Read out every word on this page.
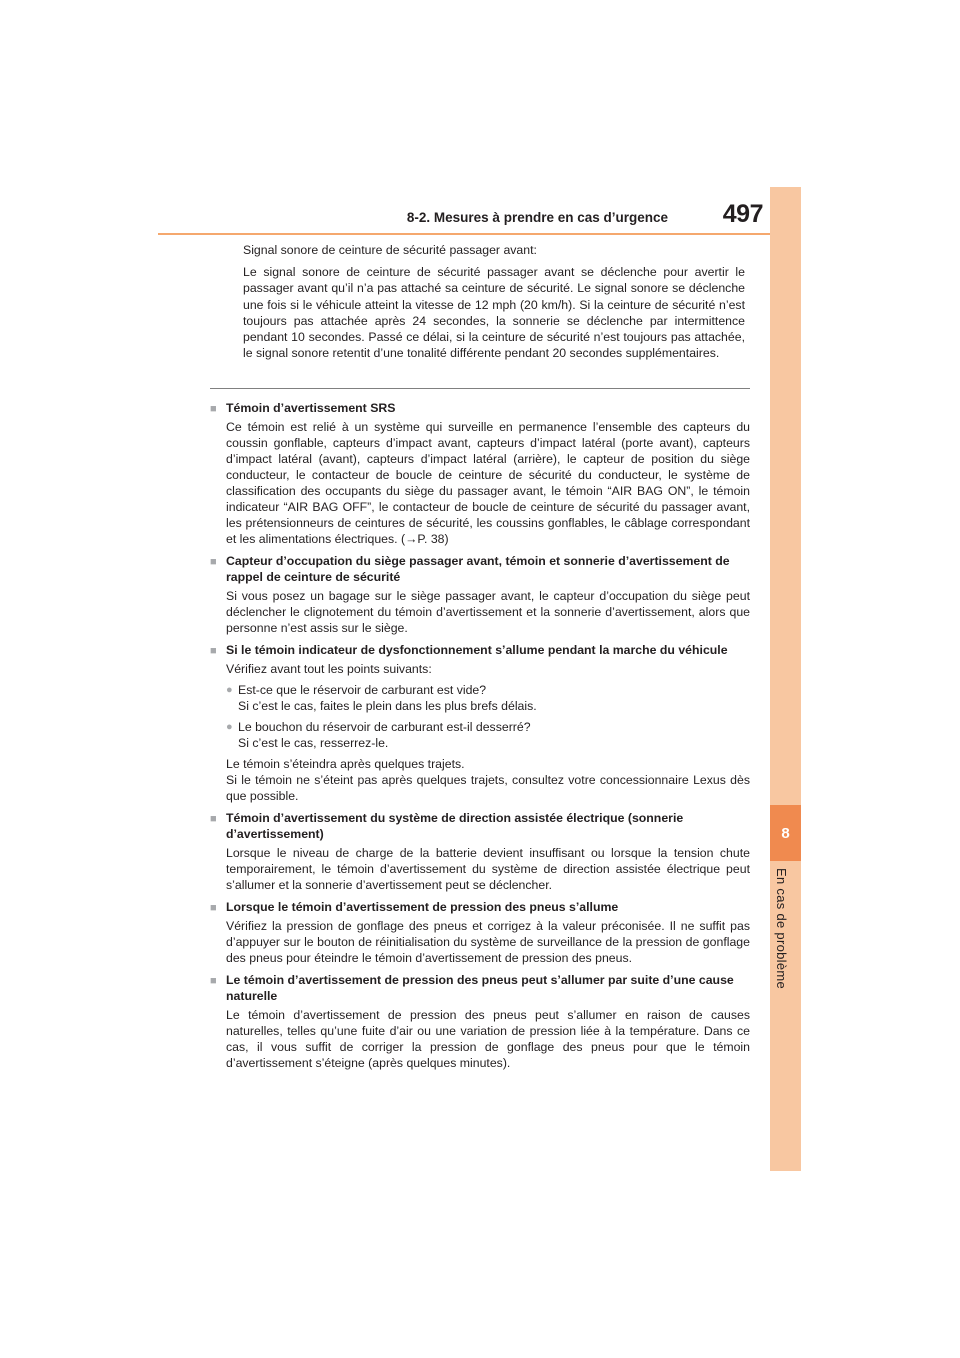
8-2. Mesures à prendre en cas d’urgence 497
8
En cas de problème

Signal sonore de ceinture de sécurité passager avant:

Le signal sonore de ceinture de sécurité passager avant se déclenche pour avertir le passager avant qu’il n’a pas attaché sa ceinture de sécurité. Le signal sonore se déclenche une fois si le véhicule atteint la vitesse de 12 mph (20 km/h). Si la ceinture de sécurité n’est toujours pas attachée après 24 secondes, la sonnerie se déclenche par intermittence pendant 10 secondes. Passé ce délai, si la ceinture de sécurité n’est toujours pas attachée, le signal sonore retentit d’une tonalité différente pendant 20 secondes supplémentaires.

■ Témoin d’avertissement SRS
Ce témoin est relié à un système qui surveille en permanence l’ensemble des capteurs du coussin gonflable, capteurs d’impact avant, capteurs d’impact latéral (porte avant), capteurs d’impact latéral (avant), capteurs d’impact latéral (arrière), le capteur de position du siège conducteur, le contacteur de boucle de ceinture de sécurité du conducteur, le système de classification des occupants du siège du passager avant, le témoin “AIR BAG ON”, le témoin indicateur “AIR BAG OFF”, le contacteur de boucle de ceinture de sécurité du passager avant, les prétensionneurs de ceintures de sécurité, les coussins gonflables, le câblage correspondant et les alimentations électriques. (→P. 38)
■ Capteur d’occupation du siège passager avant, témoin et sonnerie d’avertissement de rappel de ceinture de sécurité
Si vous posez un bagage sur le siège passager avant, le capteur d’occupation du siège peut déclencher le clignotement du témoin d’avertissement et la sonnerie d’avertissement, alors que personne n’est assis sur le siège.
■ Si le témoin indicateur de dysfonctionnement s’allume pendant la marche du véhicule

Vérifiez avant tout les points suivants:

● Est-ce que le réservoir de carburant est vide?
Si c’est le cas, faites le plein dans les plus brefs délais.
● Le bouchon du réservoir de carburant est-il desserré?
Si c’est le cas, resserrez-le.

Le témoin s’éteindra après quelques trajets.

Si le témoin ne s’éteint pas après quelques trajets, consultez votre concessionnaire Lexus dès que possible.

■ Témoin d’avertissement du système de direction assistée électrique (sonnerie d’avertissement)
Lorsque le niveau de charge de la batterie devient insuffisant ou lorsque la tension chute temporairement, le témoin d’avertissement du système de direction assistée électrique peut s’allumer et la sonnerie d’avertissement peut se déclencher.
■ Lorsque le témoin d’avertissement de pression des pneus s’allume
Vérifiez la pression de gonflage des pneus et corrigez à la valeur préconisée. Il ne suffit pas d’appuyer sur le bouton de réinitialisation du système de surveillance de la pression de gonflage des pneus pour éteindre le témoin d’avertissement de pression des pneus.
■ Le témoin d’avertissement de pression des pneus peut s’allumer par suite d’une cause naturelle
Le témoin d’avertissement de pression des pneus peut s’allumer en raison de causes naturelles, telles qu’une fuite d’air ou une variation de pression liée à la température. Dans ce cas, il vous suffit de corriger la pression de gonflage des pneus pour que le témoin d’avertissement s’éteigne (après quelques minutes).
